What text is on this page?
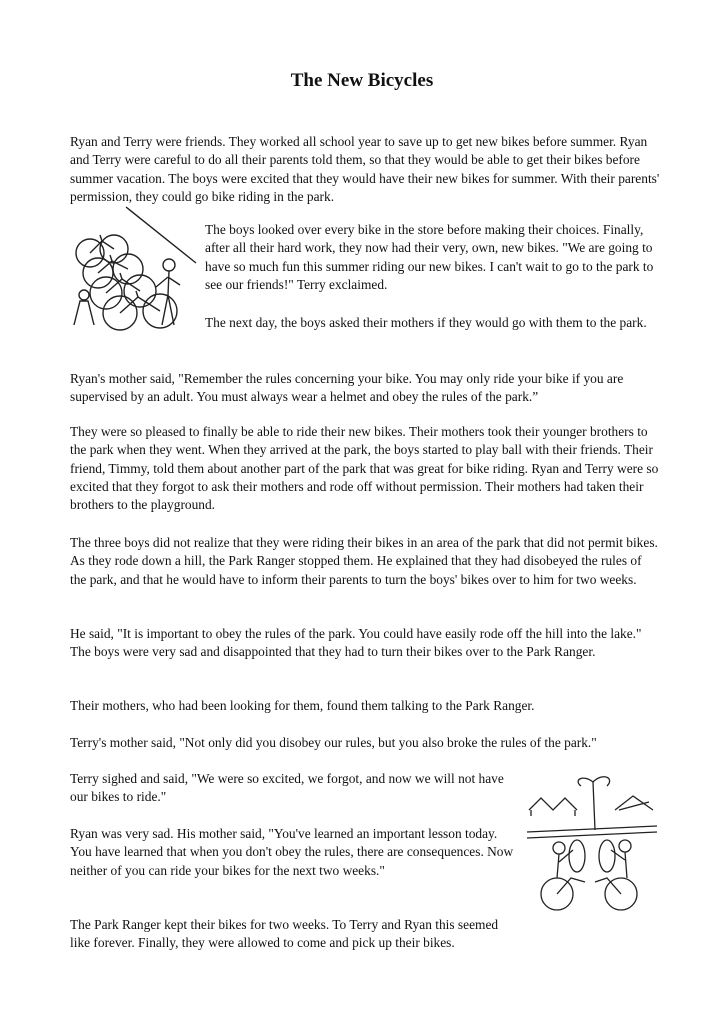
The New Bicycles

Ryan and Terry were friends. They worked all school year to save up to get new bikes before summer. Ryan and Terry were careful to do all their parents told them, so that they would be able to get their bikes before summer vacation. The boys were excited that they would have their new bikes for summer. With their parents' permission, they could go bike riding in the park.

The boys looked over every bike in the store before making their choices. Finally, after all their hard work, they now had their very, own, new bikes. "We are going to have so much fun this summer riding our new bikes. I can't wait to go to the park to see our friends!" Terry exclaimed.

The next day, the boys asked their mothers if they would go with them to the park.

Ryan's mother said, "Remember the rules concerning your bike. You may only ride your bike if you are supervised by an adult. You must always wear a helmet and obey the rules of the park.”

They were so pleased to finally be able to ride their new bikes. Their mothers took their younger brothers to the park when they went. When they arrived at the park, the boys started to play ball with their friends. Their friend, Timmy, told them about another part of the park that was great for bike riding. Ryan and Terry were so excited that they forgot to ask their mothers and rode off without permission. Their mothers had taken their brothers to the playground.

The three boys did not realize that they were riding their bikes in an area of the park that did not permit bikes. As they rode down a hill, the Park Ranger stopped them. He explained that they had disobeyed the rules of the park, and that he would have to inform their parents to turn the boys' bikes over to him for two weeks.

He said, "It is important to obey the rules of the park. You could have easily rode off the hill into the lake." The boys were very sad and disappointed that they had to turn their bikes over to the Park Ranger.

Their mothers, who had been looking for them, found them talking to the Park Ranger.

Terry's mother said, "Not only did you disobey our rules, but you also broke the rules of the park."

Terry sighed and said, "We were so excited, we forgot, and now we will not have our bikes to ride."

Ryan was very sad. His mother said, "You've learned an important lesson today. You have learned that when you don't obey the rules, there are consequences. Now neither of you can ride your bikes for the next two weeks."

The Park Ranger kept their bikes for two weeks. To Terry and Ryan this seemed like forever. Finally, they were allowed to come and pick up their bikes.
